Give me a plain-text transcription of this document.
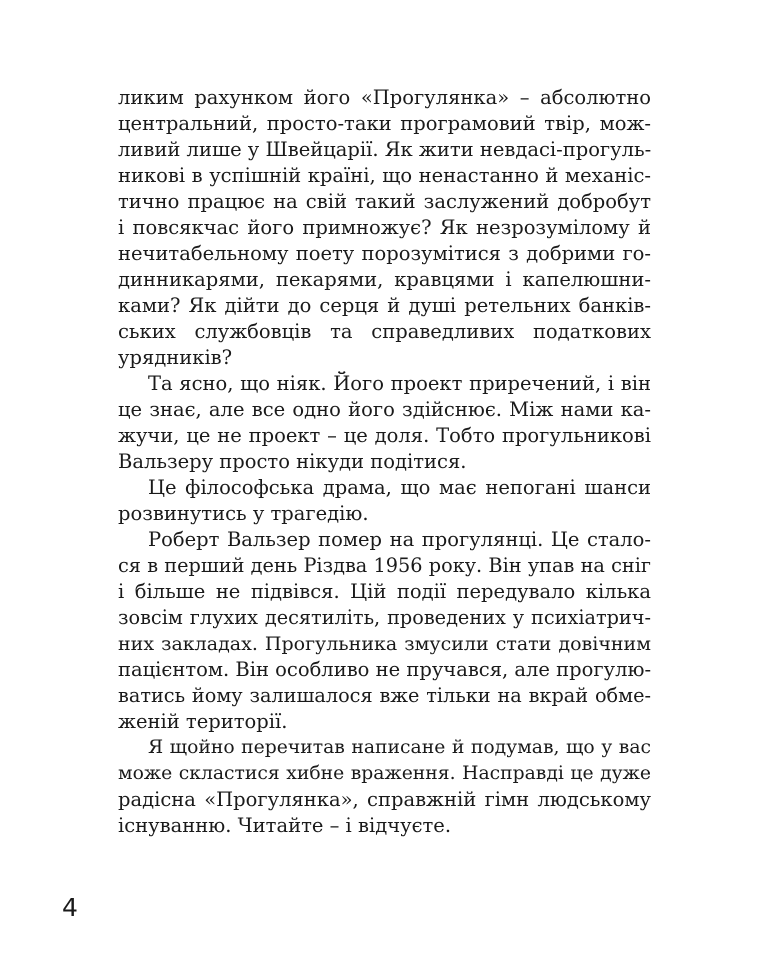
ликим рахунком його «Прогулянка» – абсолютно
центральний, просто-таки програмовий твір, мож-
ливий лише у Швейцарії. Як жити невдасі-прогуль-
никові в успішній країні, що ненастанно й механіс-
тично працює на свій такий заслужений добробут
і повсякчас його примножує? Як незрозумілому й
нечитабельному поету порозумітися з добрими го-
динникарями, пекарями, кравцями і капелюшни-
ками? Як дійти до серця й душі ретельних банків-
ських службовців та справедливих податкових
урядників?
Та ясно, що ніяк. Його проект приречений, і він
це знає, але все одно його здійснює. Між нами ка-
жучи, це не проект – це доля. Тобто прогульникові
Вальзеру просто нікуди подітися.
Це філософська драма, що має непогані шанси
розвинутись у трагедію.
Роберт Вальзер помер на прогулянці. Це стало-
ся в перший день Різдва 1956 року. Він упав на сніг
і більше не підвівся. Цій події передувало кілька
зовсім глухих десятиліть, проведених у психіатрич-
них закладах. Прогульника змусили стати довічним
пацієнтом. Він особливо не пручався, але прогулю-
ватись йому залишалося вже тільки на вкрай обме-
женій території.
Я щойно перечитав написане й подумав, що у вас
може скластися хибне враження. Насправді це дуже
радісна «Прогулянка», справжній гімн людському
існуванню. Читайте – і відчуєте.
4
